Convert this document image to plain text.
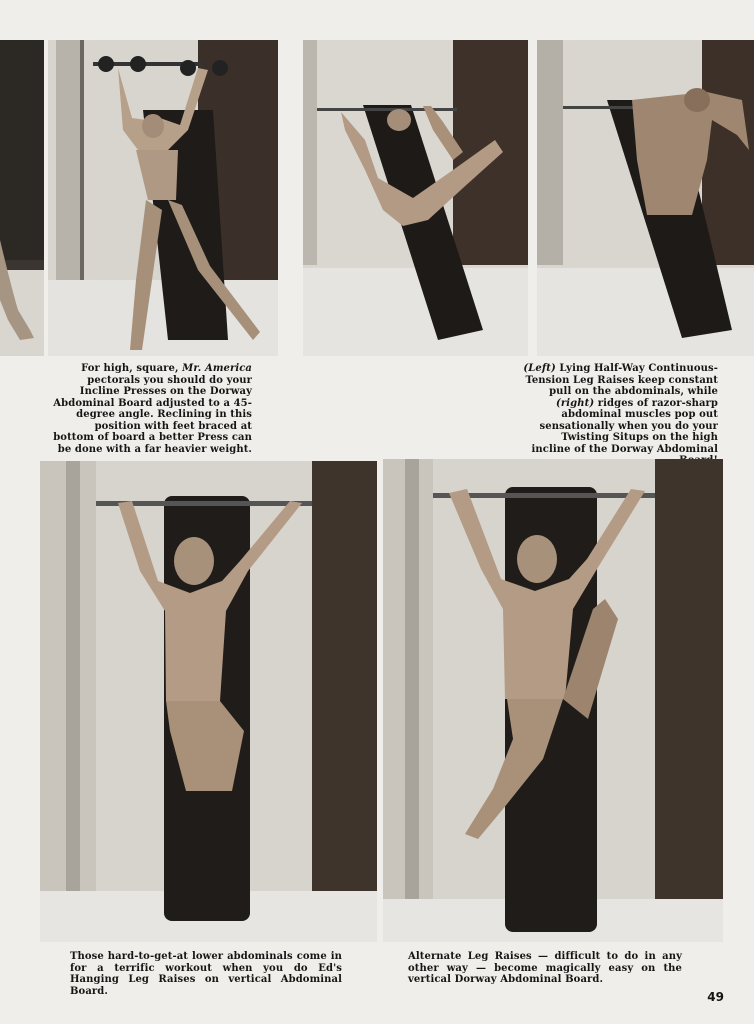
For high, square, Mr. America pectorals you should do your Incline Presses on the Dorway Abdominal Board adjusted to a 45-degree angle. Reclining in this position with feet braced at bottom of board a better Press can be done with a far heavier weight.
(Left) Lying Half-Way Continuous-Tension Leg Raises keep constant pull on the abdominals, while (right) ridges of razor-sharp abdominal muscles pop out sensationally when you do your Twisting Situps on the high incline of the Dorway Abdominal
Those hard-to-get-at lower abdominals come in for a terrific workout when you do Ed's Hanging Leg Raises on vertical Abdominal Board.
Alternate Leg Raises — difficult to do in any other way — become magically easy on the vertical Dorway Abdominal Board.
49
